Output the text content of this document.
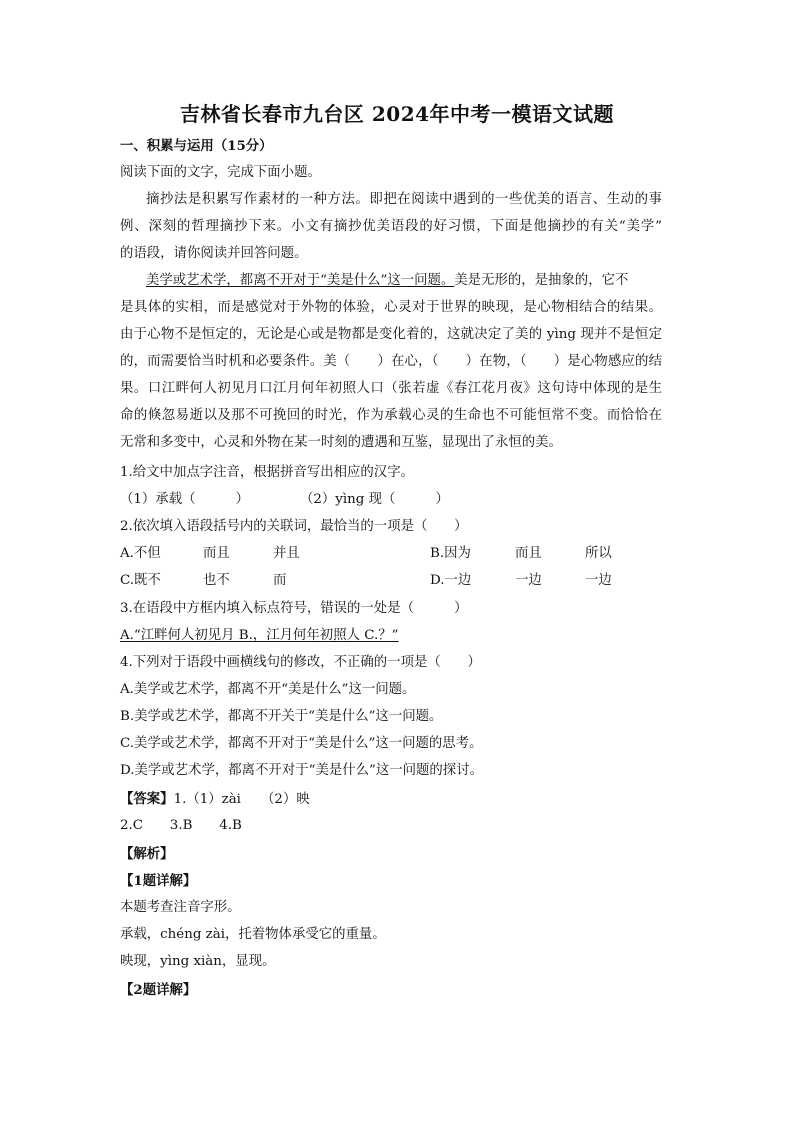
吉林省长春市九台区 2024年中考一模语文试题
一、积累与运用（15分）
阅读下面的文字，完成下面小题。
摘抄法是积累写作素材的一种方法。即把在阅读中遇到的一些优美的语言、生动的事
例、深刻的哲理摘抄下来。小文有摘抄优美语段的好习惯，下面是他摘抄的有关“美学”
的语段，请你阅读并回答问题。
美学或艺术学，都离不开对于“美是什么”这一问题。美是无形的，是抽象的，它不
是具体的实相，而是感觉对于外物的体验，心灵对于世界的映现，是心物相结合的结果。
由于心物不是恒定的，无论是心或是物都是变化着的，这就决定了美的 yìng 现并不是恒定
的，而需要恰当时机和必要条件。美（　　）在心，（　　）在物，（　　）是心物感应的结
果。口江畔何人初见月口江月何年初照人口（张若虚《春江花月夜》这句诗中体现的是生
命的倏忽易逝以及那不可挽回的时光，作为承载心灵的生命也不可能恒常不变。而恰恰在
无常和多变中，心灵和外物在某一时刻的遭遇和互鉴，显现出了永恒的美。
1.给文中加点字注音，根据拼音写出相应的汉字。
（1）承载（　　　）	（2）yìng 现（　　　）
2.依次填入语段括号内的关联词，最恰当的一项是（　　）
A.不但	而且	并且	B.因为	而且	所以
C.既不	也不	而	D.一边	一边	一边
3.在语段中方框内填入标点符号，错误的一处是（　　　）
A.“江畔何人初见月 B.，江月何年初照人 C.？”
4.下列对于语段中画横线句的修改，不正确的一项是（　　）
A.美学或艺术学，都离不开“美是什么”这一问题。
B.美学或艺术学，都离不开关于“美是什么”这一问题。
C.美学或艺术学，都离不开对于“美是什么”这一问题的思考。
D.美学或艺术学，都离不开对于“美是什么”这一问题的探讨。
【答案】1.（1）zài　　（2）映
2.C　　3.B　　4.B
【解析】
【1题详解】
本题考查注音字形。
承载，chéng zài，托着物体承受它的重量。
映现，yìng xiàn，显现。
【2题详解】
